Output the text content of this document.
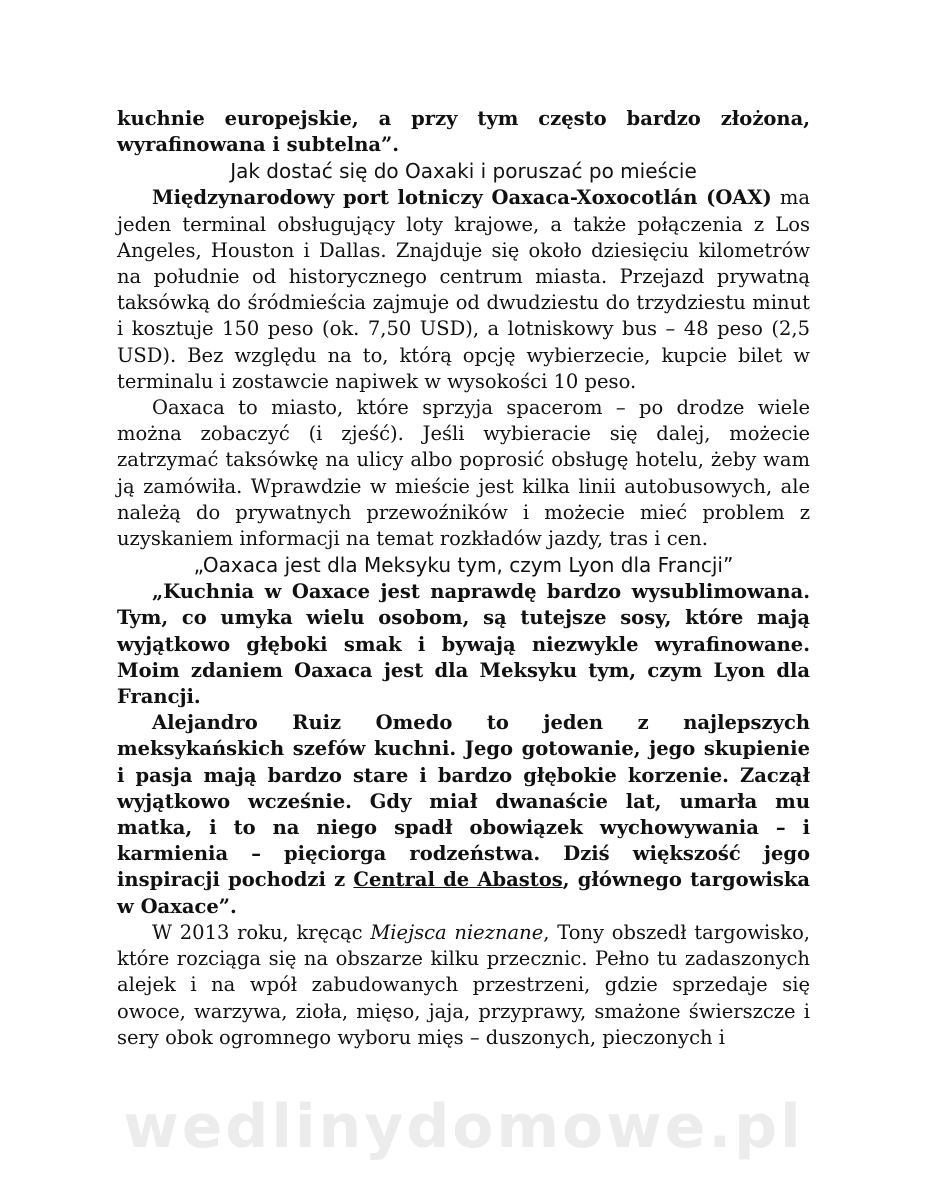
kuchnie europejskie, a przy tym często bardzo złożona, wyrafinowana i subtelna”.

Jak dostać się do Oaxaki i poruszać po mieście

Międzynarodowy port lotniczy Oaxaca-Xoxocotlán (OAX) ma jeden terminal obsługujący loty krajowe, a także połączenia z Los Angeles, Houston i Dallas. Znajduje się około dziesięciu kilometrów na południe od historycznego centrum miasta. Przejazd prywatną taksówką do śródmieścia zajmuje od dwudziestu do trzydziestu minut i kosztuje 150 peso (ok. 7,50 USD), a lotniskowy bus – 48 peso (2,5 USD). Bez względu na to, którą opcję wybierzecie, kupcie bilet w terminalu i zostawcie napiwek w wysokości 10 peso.

Oaxaca to miasto, które sprzyja spacerom – po drodze wiele można zobaczyć (i zjeść). Jeśli wybieracie się dalej, możecie zatrzymać taksówkę na ulicy albo poprosić obsługę hotelu, żeby wam ją zamówiła. Wprawdzie w mieście jest kilka linii autobusowych, ale należą do prywatnych przewoźników i możecie mieć problem z uzyskaniem informacji na temat rozkładów jazdy, tras i cen.

„Oaxaca jest dla Meksyku tym, czym Lyon dla Francji”

„Kuchnia w Oaxace jest naprawdę bardzo wysublimowana. Tym, co umyka wielu osobom, są tutejsze sosy, które mają wyjątkowo głęboki smak i bywają niezwykle wyrafinowane. Moim zdaniem Oaxaca jest dla Meksyku tym, czym Lyon dla Francji.

Alejandro Ruiz Omedo to jeden z najlepszych meksykańskich szefów kuchni. Jego gotowanie, jego skupienie i pasja mają bardzo stare i bardzo głębokie korzenie. Zaczął wyjątkowo wcześnie. Gdy miał dwanaście lat, umarła mu matka, i to na niego spadł obowiązek wychowywania – i karmienia – pięciorga rodzeństwa. Dziś większość jego inspiracji pochodzi z Central de Abastos, głównego targowiska w Oaxace”.

W 2013 roku, kręcąc Miejsca nieznane, Tony obszedł targowisko, które rozciąga się na obszarze kilku przecznic. Pełno tu zadaszonych alejek i na wpół zabudowanych przestrzeni, gdzie sprzedaje się owoce, warzywa, zioła, mięso, jaja, przyprawy, smażone świerszcze i sery obok ogromnego wyboru mięs – duszonych, pieczonych i

wedlinydomowe.pl
